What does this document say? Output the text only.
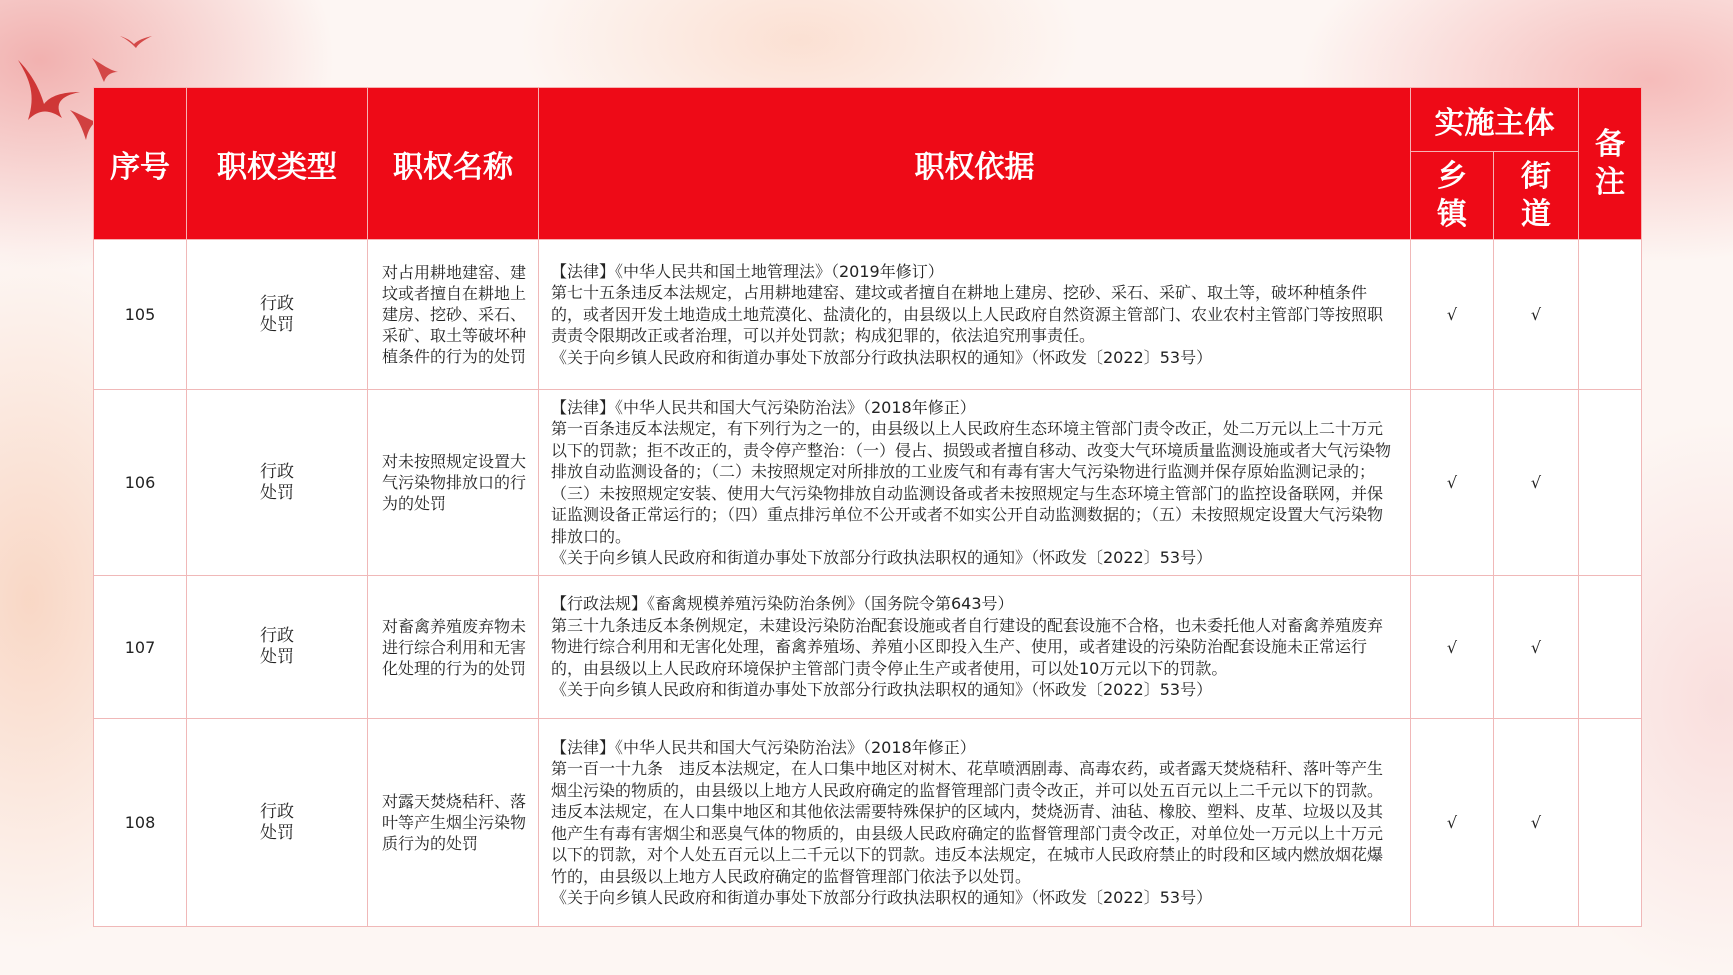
序号	职权类型	职权名称	职权依据	实施主体		备注

				乡镇	街道	

105	行政处罚	对占用耕地建窑、建坟或者擅自在耕地上建房、挖砂、采石、采矿、取土等破坏种植条件的行为的处罚	【法律】《中华人民共和国土地管理法》（2019年修订）
第七十五条违反本法规定，占用耕地建窑、建坟或者擅自在耕地上建房、挖砂、采石、采矿、取土等，破坏种植条件的，或者因开发土地造成土地荒漠化、盐渍化的，由县级以上人民政府自然资源主管部门、农业农村主管部门等按照职责责令限期改正或者治理，可以并处罚款；构成犯罪的，依法追究刑事责任。
《关于向乡镇人民政府和街道办事处下放部分行政执法职权的通知》（怀政发〔2022〕53号）	√	√	
106	行政处罚	对未按照规定设置大气污染物排放口的行为的处罚	【法律】《中华人民共和国大气污染防治法》（2018年修正）
第一百条违反本法规定，有下列行为之一的，由县级以上人民政府生态环境主管部门责令改正，处二万元以上二十万元以下的罚款；拒不改正的，责令停产整治：（一）侵占、损毁或者擅自移动、改变大气环境质量监测设施或者大气污染物排放自动监测设备的；（二）未按照规定对所排放的工业废气和有毒有害大气污染物进行监测并保存原始监测记录的；（三）未按照规定安装、使用大气污染物排放自动监测设备或者未按照规定与生态环境主管部门的监控设备联网，并保证监测设备正常运行的；（四）重点排污单位不公开或者不如实公开自动监测数据的；（五）未按照规定设置大气污染物排放口的。
《关于向乡镇人民政府和街道办事处下放部分行政执法职权的通知》（怀政发〔2022〕53号）	√	√	
107	行政处罚	对畜禽养殖废弃物未进行综合利用和无害化处理的行为的处罚	【行政法规】《畜禽规模养殖污染防治条例》（国务院令第643号）
第三十九条违反本条例规定，未建设污染防治配套设施或者自行建设的配套设施不合格，也未委托他人对畜禽养殖废弃物进行综合利用和无害化处理，畜禽养殖场、养殖小区即投入生产、使用，或者建设的污染防治配套设施未正常运行的，由县级以上人民政府环境保护主管部门责令停止生产或者使用，可以处10万元以下的罚款。
《关于向乡镇人民政府和街道办事处下放部分行政执法职权的通知》（怀政发〔2022〕53号）	√	√	
108	行政处罚	对露天焚烧秸秆、落叶等产生烟尘污染物质行为的处罚	【法律】《中华人民共和国大气污染防治法》（2018年修正）
第一百一十九条　违反本法规定，在人口集中地区对树木、花草喷洒剧毒、高毒农药，或者露天焚烧秸秆、落叶等产生烟尘污染的物质的，由县级以上地方人民政府确定的监督管理部门责令改正，并可以处五百元以上二千元以下的罚款。违反本法规定，在人口集中地区和其他依法需要特殊保护的区域内，焚烧沥青、油毡、橡胶、塑料、皮革、垃圾以及其他产生有毒有害烟尘和恶臭气体的物质的，由县级人民政府确定的监督管理部门责令改正，对单位处一万元以上十万元以下的罚款，对个人处五百元以上二千元以下的罚款。违反本法规定，在城市人民政府禁止的时段和区域内燃放烟花爆竹的，由县级以上地方人民政府确定的监督管理部门依法予以处罚。
《关于向乡镇人民政府和街道办事处下放部分行政执法职权的通知》（怀政发〔2022〕53号）	√	√	
